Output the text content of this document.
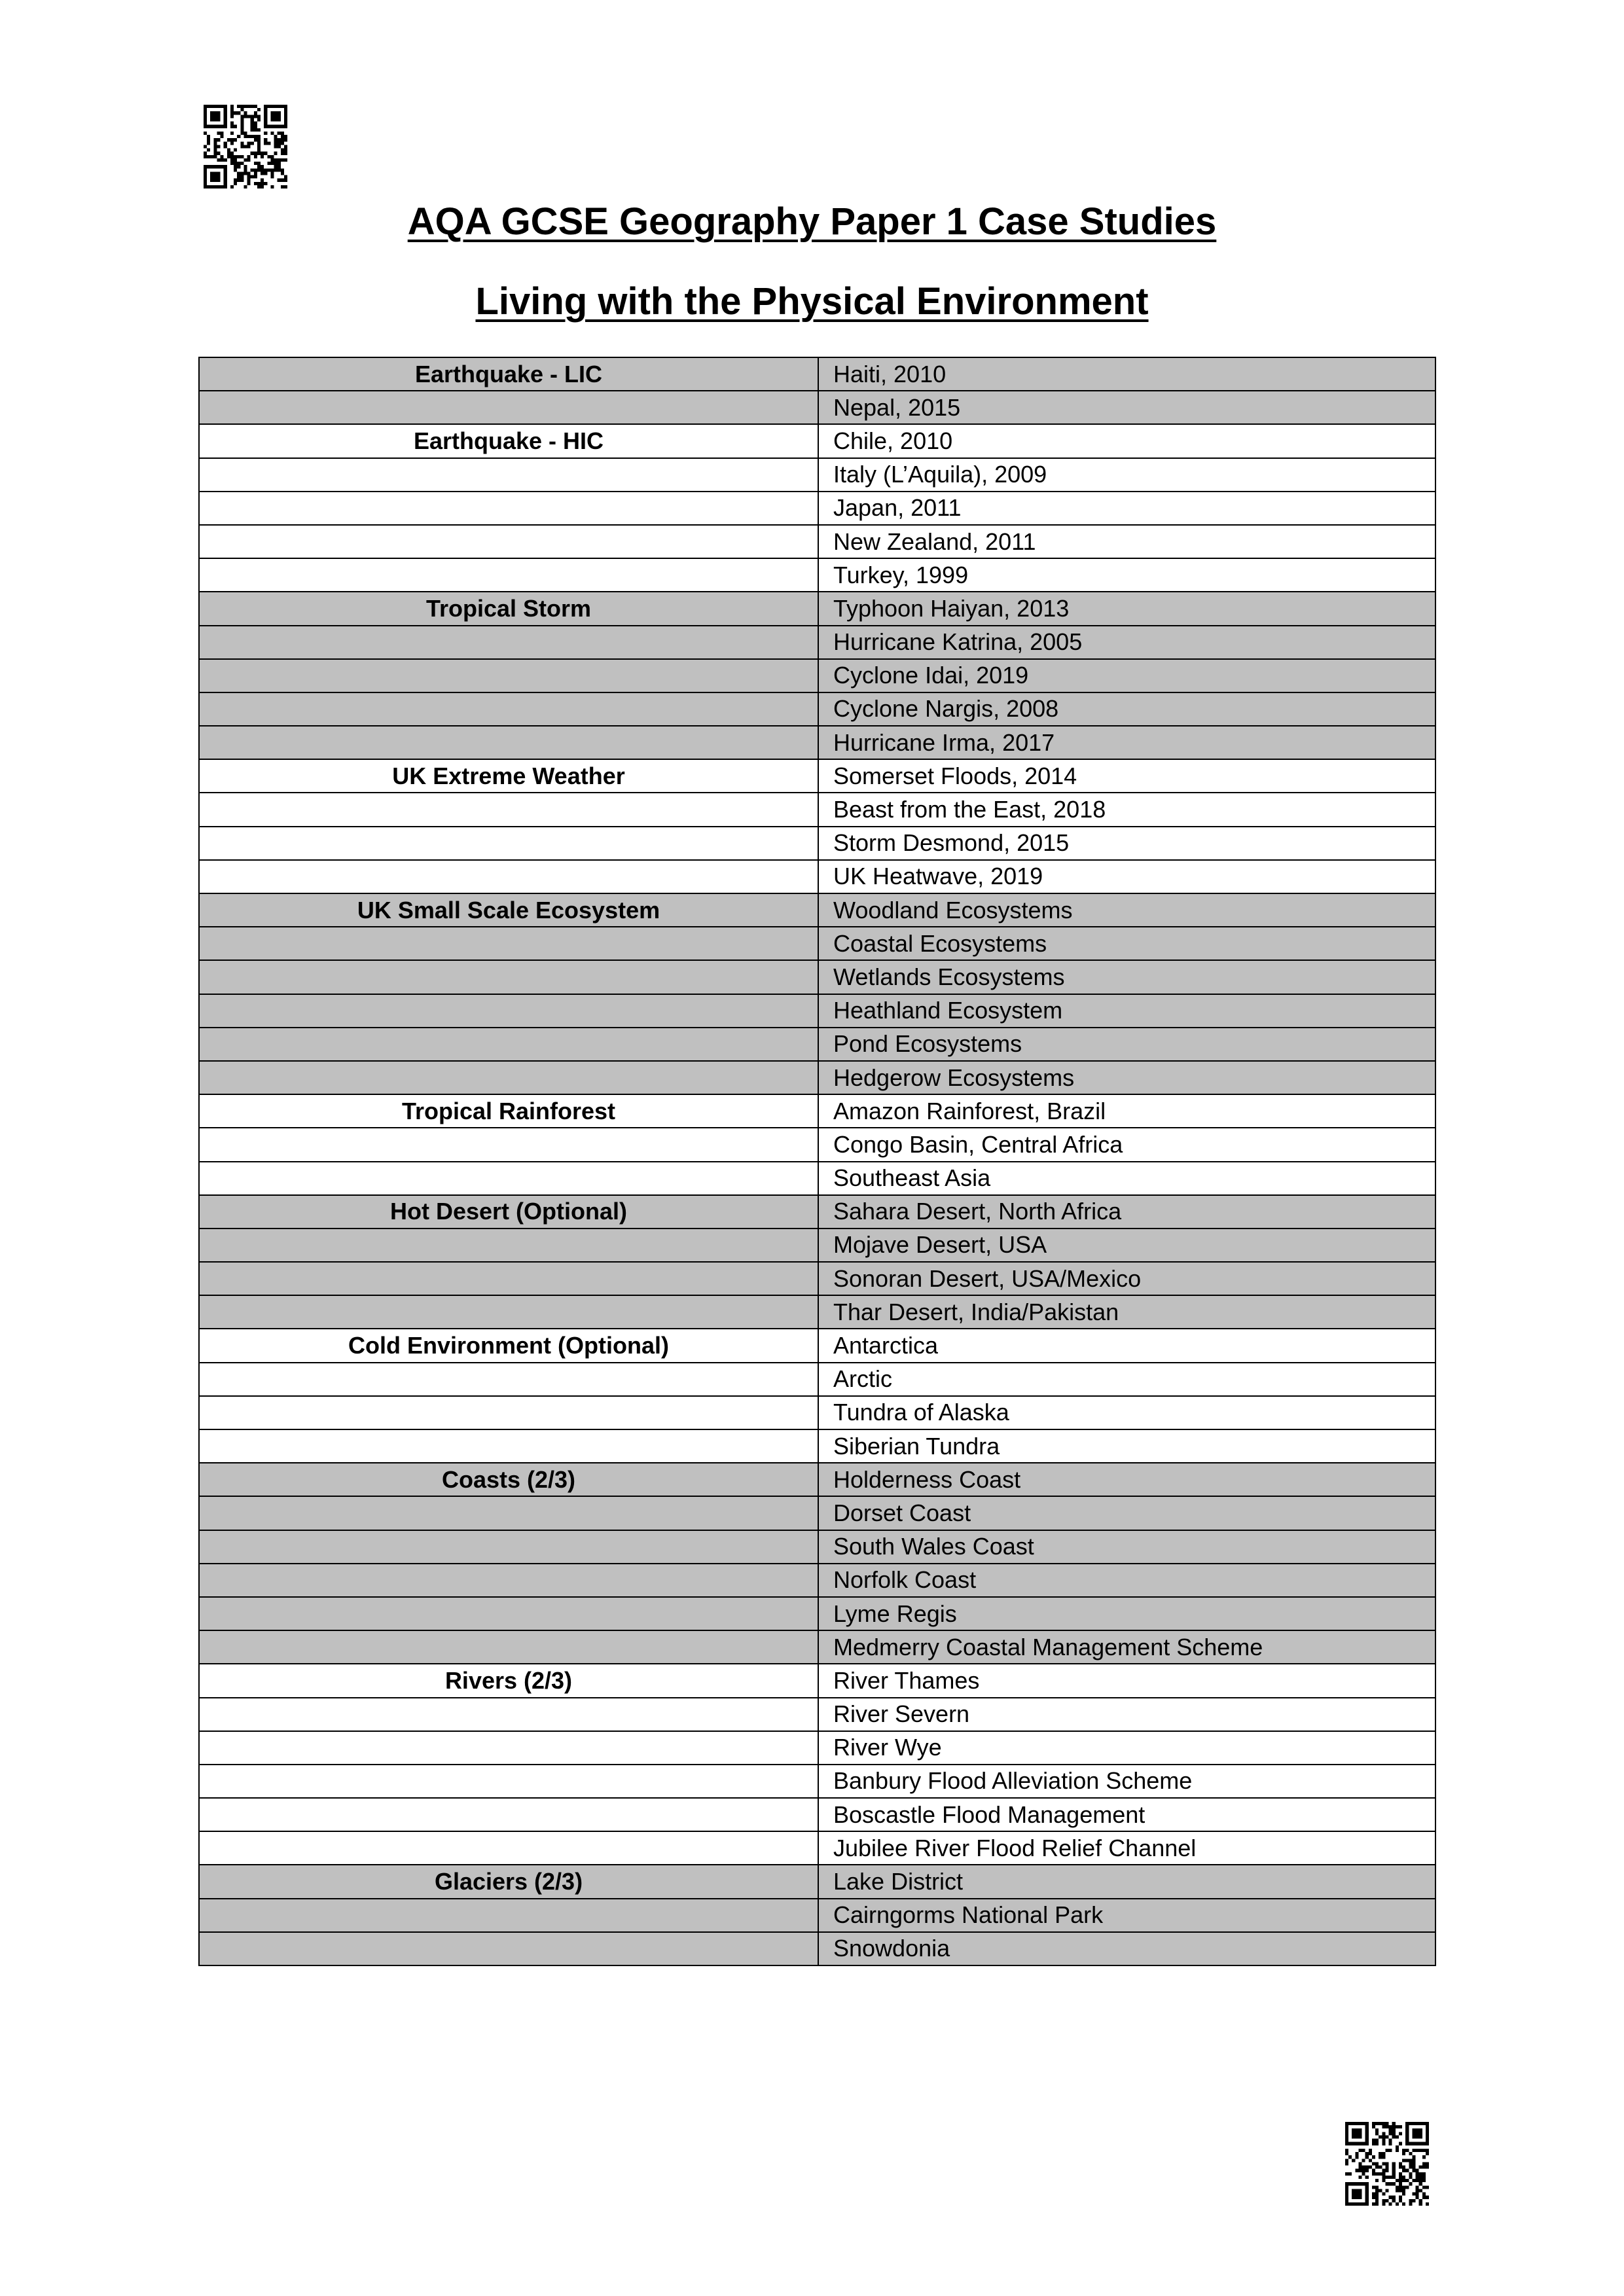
AQA GCSE Geography Paper 1 Case Studies
Living with the Physical Environment
Earthquake - LIC	Haiti, 2010
	Nepal, 2015
Earthquake - HIC	Chile, 2010
	Italy (L’Aquila), 2009
	Japan, 2011
	New Zealand, 2011
	Turkey, 1999
Tropical Storm	Typhoon Haiyan, 2013
	Hurricane Katrina, 2005
	Cyclone Idai, 2019
	Cyclone Nargis, 2008
	Hurricane Irma, 2017
UK Extreme Weather	Somerset Floods, 2014
	Beast from the East, 2018
	Storm Desmond, 2015
	UK Heatwave, 2019
UK Small Scale Ecosystem	Woodland Ecosystems
	Coastal Ecosystems
	Wetlands Ecosystems
	Heathland Ecosystem
	Pond Ecosystems
	Hedgerow Ecosystems
Tropical Rainforest	Amazon Rainforest, Brazil
	Congo Basin, Central Africa
	Southeast Asia
Hot Desert (Optional)	Sahara Desert, North Africa
	Mojave Desert, USA
	Sonoran Desert, USA/Mexico
	Thar Desert, India/Pakistan
Cold Environment (Optional)	Antarctica
	Arctic
	Tundra of Alaska
	Siberian Tundra
Coasts (2/3)	Holderness Coast
	Dorset Coast
	South Wales Coast
	Norfolk Coast
	Lyme Regis
	Medmerry Coastal Management Scheme
Rivers (2/3)	River Thames
	River Severn
	River Wye
	Banbury Flood Alleviation Scheme
	Boscastle Flood Management
	Jubilee River Flood Relief Channel
Glaciers (2/3)	Lake District
	Cairngorms National Park
	Snowdonia
